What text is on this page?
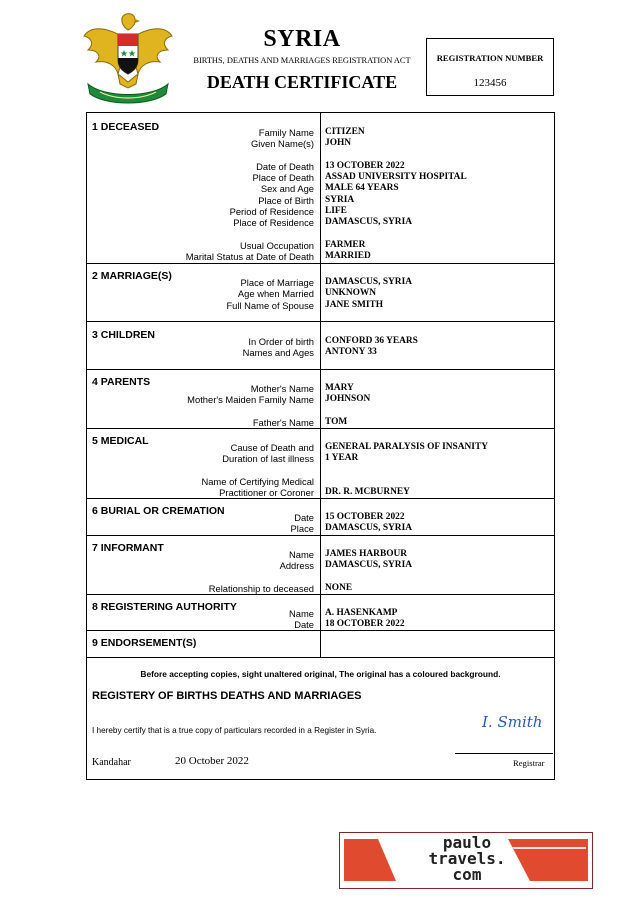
SYRIA
BIRTHS, DEATHS AND MARRIAGES REGISTRATION ACT
DEATH CERTIFICATE
REGISTRATION NUMBER
123456
1 DECEASED	Family Name CITIZEN
Given Name(s) JOHN
Date of Death 13 OCTOBER 2022
Place of Death ASSAD UNIVERSITY HOSPITAL
Sex and Age MALE 64 YEARS
Place of Birth SYRIA
Period of Residence LIFE
Place of Residence DAMASCUS, SYRIA
Usual Occupation FARMER
Marital Status at Date of Death MARRIED
2 MARRIAGE(S)
Place of Marriage DAMASCUS, SYRIA
Age when Married UNKNOWN
Full Name of Spouse JANE SMITH
3 CHILDREN
In Order of birth CONFORD 36 YEARS
Names and Ages ANTONY 33
4 PARENTS
Mother's Name MARY
Mother's Maiden Family Name JOHNSON
Father's Name TOM
5 MEDICAL
Cause of Death and GENERAL PARALYSIS OF INSANITY
Duration of last illness 1 YEAR
Name of Certifying Medical
Practitioner or Coroner DR. R. MCBURNEY
6 BURIAL OR CREMATION
Date 15 OCTOBER 2022
Place DAMASCUS, SYRIA
7 INFORMANT
Name JAMES HARBOUR
Address DAMASCUS, SYRIA
Relationship to deceased NONE
8 REGISTERING AUTHORITY
Name A. HASENKAMP
Date 18 OCTOBER 2022
9 ENDORSEMENT(S)
Before accepting copies, sight unaltered original, The original has a coloured background.
REGISTERY OF BIRTHS DEATHS AND MARRIAGES
I hereby certify that is a true copy of particulars recorded in a Register in Syria.	I. Smith
Registrar
Kandahar	20 October 2022
paulo
travels.
com
